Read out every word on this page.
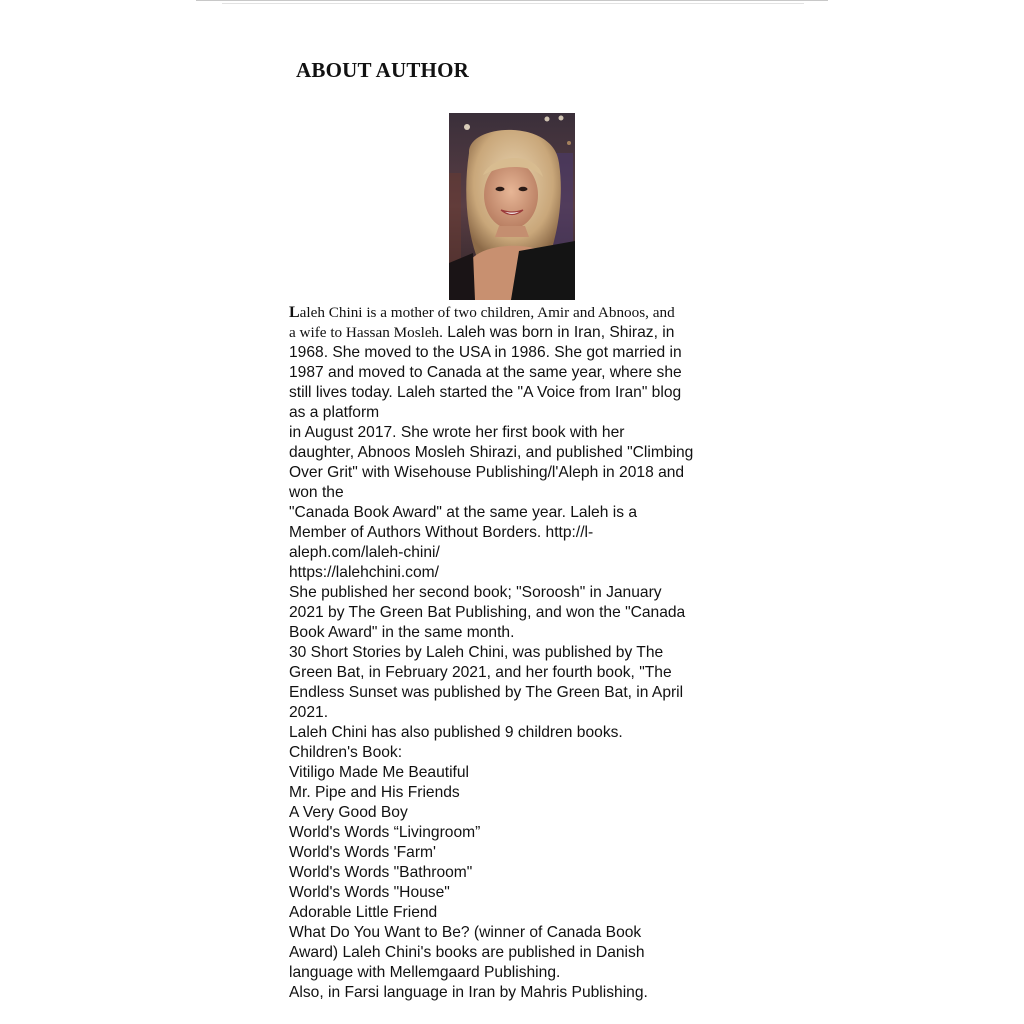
ABOUT AUTHOR
Laleh Chini is a mother of two children, Amir and Abnoos, and
a wife to Hassan Mosleh. Laleh was born in Iran, Shiraz, in
1968. She moved to the USA in 1986. She got married in
1987 and moved to Canada at the same year, where she
still lives today. Laleh started the "A Voice from Iran" blog
as a platform
in August 2017. She wrote her first book with her
daughter, Abnoos Mosleh Shirazi, and published "Climbing
Over Grit" with Wisehouse Publishing/l'Aleph in 2018 and
won the
"Canada Book Award" at the same year. Laleh is a
Member of Authors Without Borders. http://l-
aleph.com/laleh-chini/
https://lalehchini.com/
She published her second book; "Soroosh" in January
2021 by The Green Bat Publishing, and won the "Canada
Book Award" in the same month.
30 Short Stories by Laleh Chini, was published by The
Green Bat, in February 2021, and her fourth book, "The
Endless Sunset was published by The Green Bat, in April
2021.
Laleh Chini has also published 9 children books.
Children's Book:
Vitiligo Made Me Beautiful
Mr. Pipe and His Friends
A Very Good Boy
World's Words “Livingroom”
World's Words 'Farm'
World's Words "Bathroom"
World's Words "House"
Adorable Little Friend
What Do You Want to Be? (winner of Canada Book
Award) Laleh Chini's books are published in Danish
language with Mellemgaard Publishing.
Also, in Farsi language in Iran by Mahris Publishing.
